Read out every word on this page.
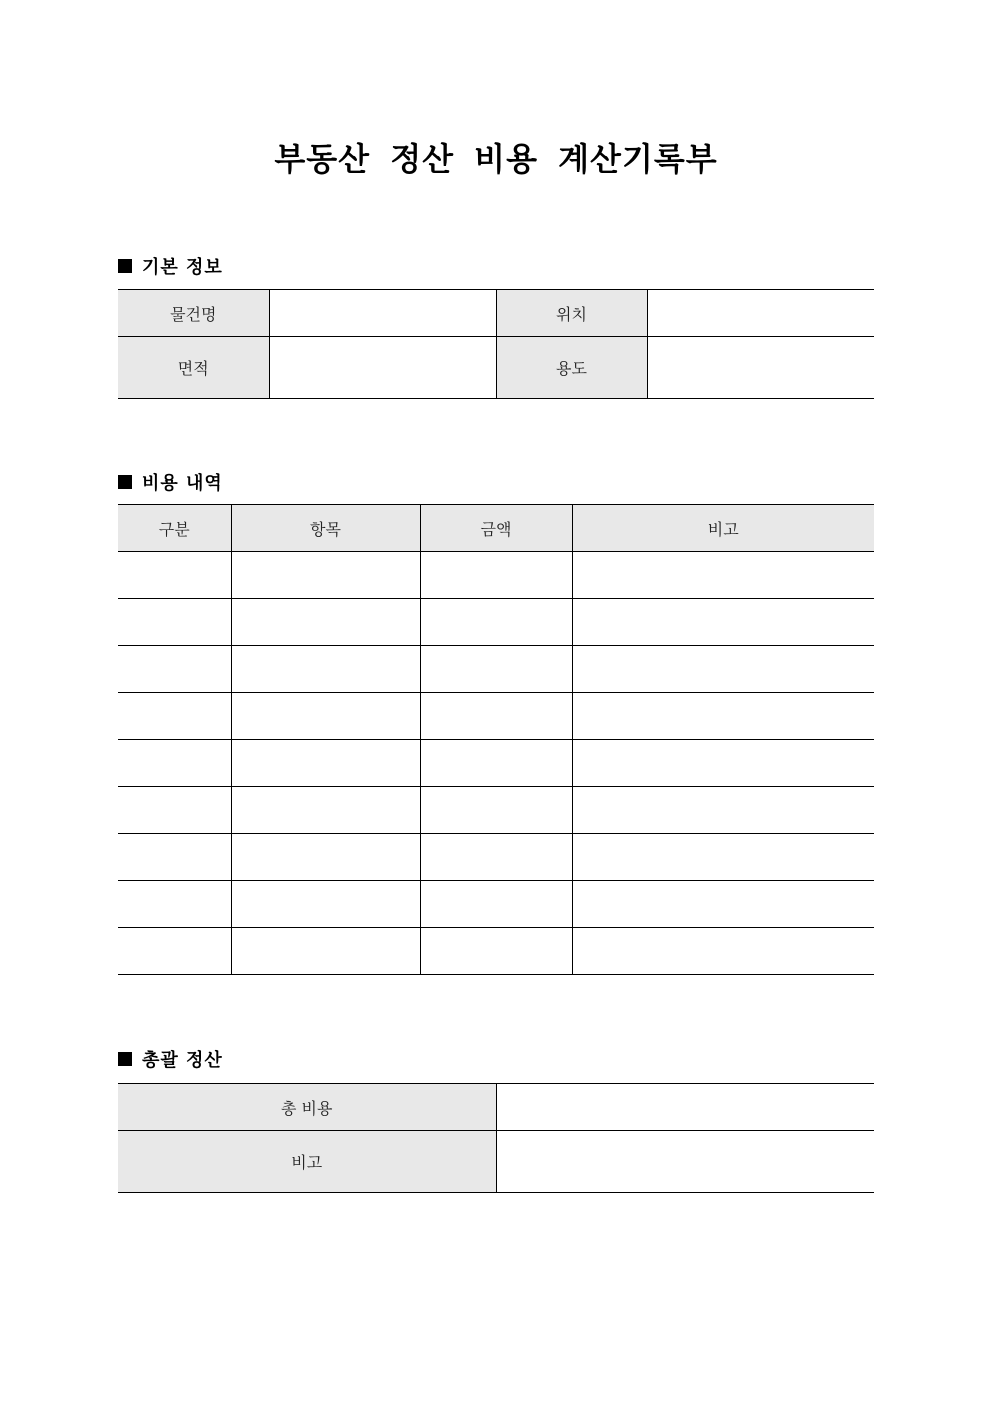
부동산 정산 비용 계산기록부
기본 정보
물건명		위치	
면적		용도	
비용 내역
구분	항목	금액	비고

총괄 정산
총 비용	
비고	
